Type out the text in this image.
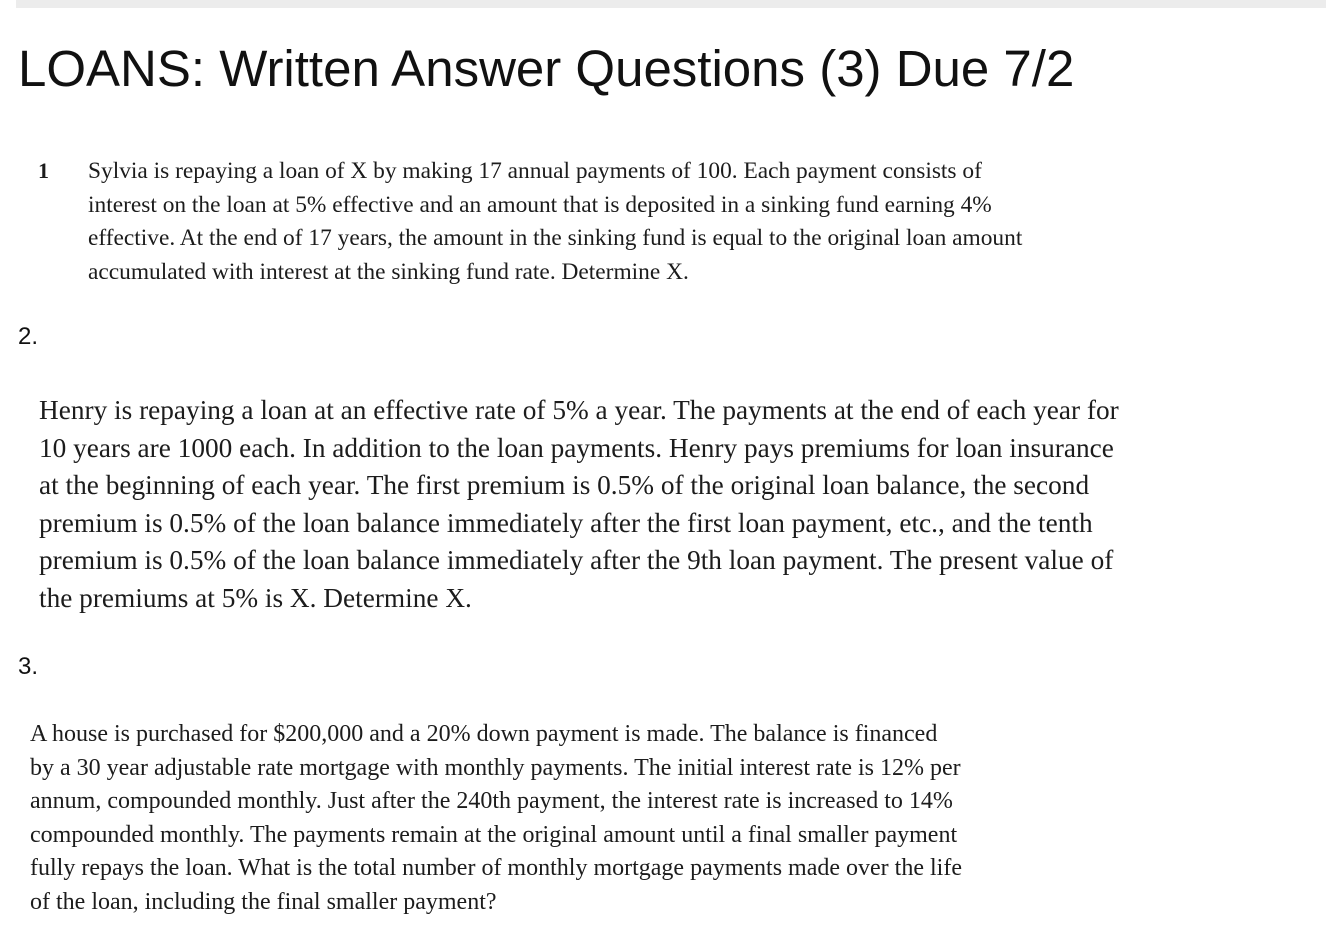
LOANS: Written Answer Questions (3) Due 7/2
1 Sylvia is repaying a loan of X by making 17 annual payments of 100. Each payment consists of

interest on the loan at 5% effective and an amount that is deposited in a sinking fund earning 4%

effective. At the end of 17 years, the amount in the sinking fund is equal to the original loan amount

accumulated with interest at the sinking fund rate. Determine X.

2.

Henry is repaying a loan at an effective rate of 5% a year. The payments at the end of each year for

10 years are 1000 each. In addition to the loan payments. Henry pays premiums for loan insurance

at the beginning of each year. The first premium is 0.5% of the original loan balance, the second

premium is 0.5% of the loan balance immediately after the first loan payment, etc., and the tenth

premium is 0.5% of the loan balance immediately after the 9th loan payment. The present value of

the premiums at 5% is X. Determine X.

3.

A house is purchased for $200,000 and a 20% down payment is made. The balance is financed

by a 30 year adjustable rate mortgage with monthly payments. The initial interest rate is 12% per

annum, compounded monthly. Just after the 240th payment, the interest rate is increased to 14%

compounded monthly. The payments remain at the original amount until a final smaller payment

fully repays the loan. What is the total number of monthly mortgage payments made over the life

of the loan, including the final smaller payment?
